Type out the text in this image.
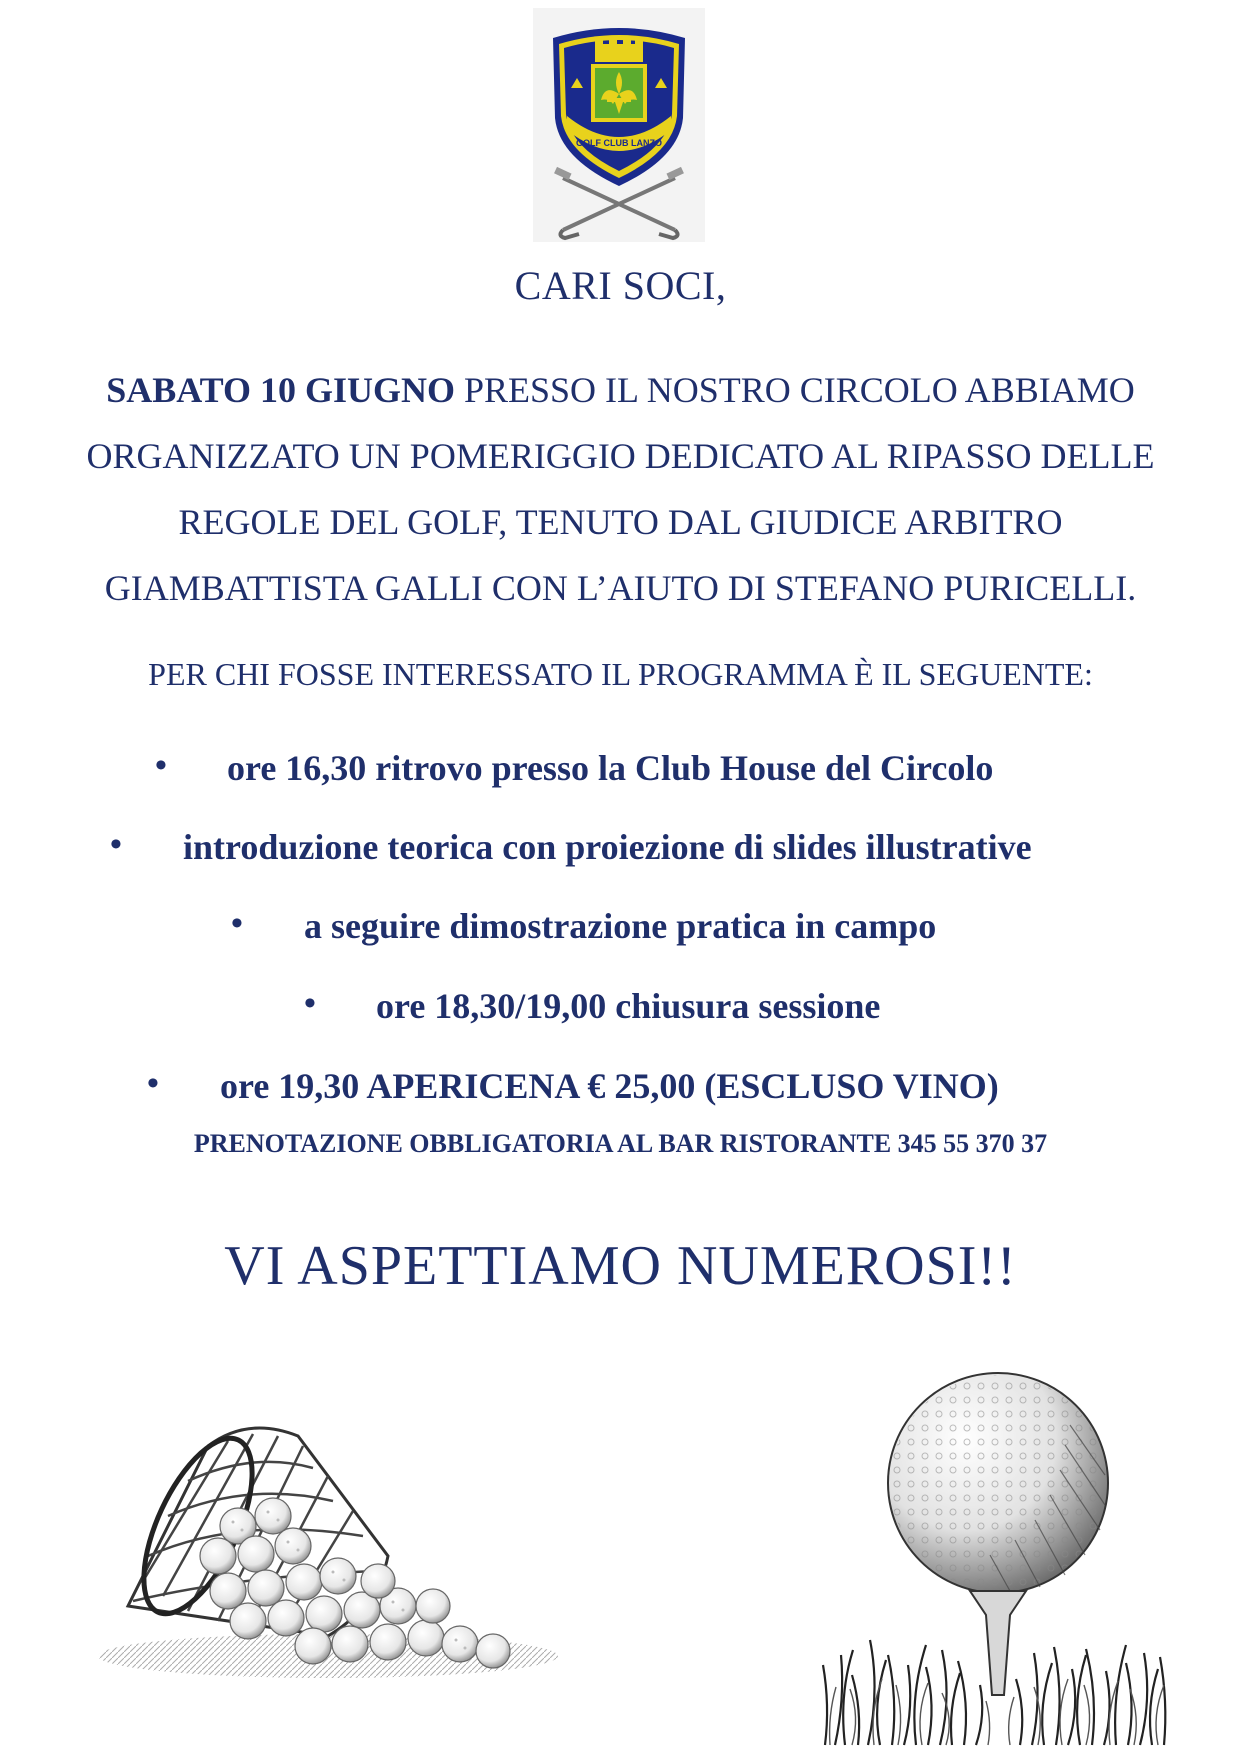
GOLF CLUB LANZO
CARI SOCI,
SABATO 10 GIUGNO PRESSO IL NOSTRO CIRCOLO ABBIAMO
ORGANIZZATO UN POMERIGGIO DEDICATO AL RIPASSO DELLE
REGOLE DEL GOLF, TENUTO DAL GIUDICE ARBITRO
GIAMBATTISTA GALLI CON L’AIUTO DI STEFANO PURICELLI.
PER CHI FOSSE INTERESSATO IL PROGRAMMA È IL SEGUENTE:
• ore 16,30 ritrovo presso la Club House del Circolo
• introduzione teorica con proiezione di slides illustrative
• a seguire dimostrazione pratica in campo
• ore 18,30/19,00 chiusura sessione
• ore 19,30 APERICENA € 25,00 (ESCLUSO VINO)
PRENOTAZIONE OBBLIGATORIA AL BAR RISTORANTE 345 55 370 37
VI ASPETTIAMO NUMEROSI!!
